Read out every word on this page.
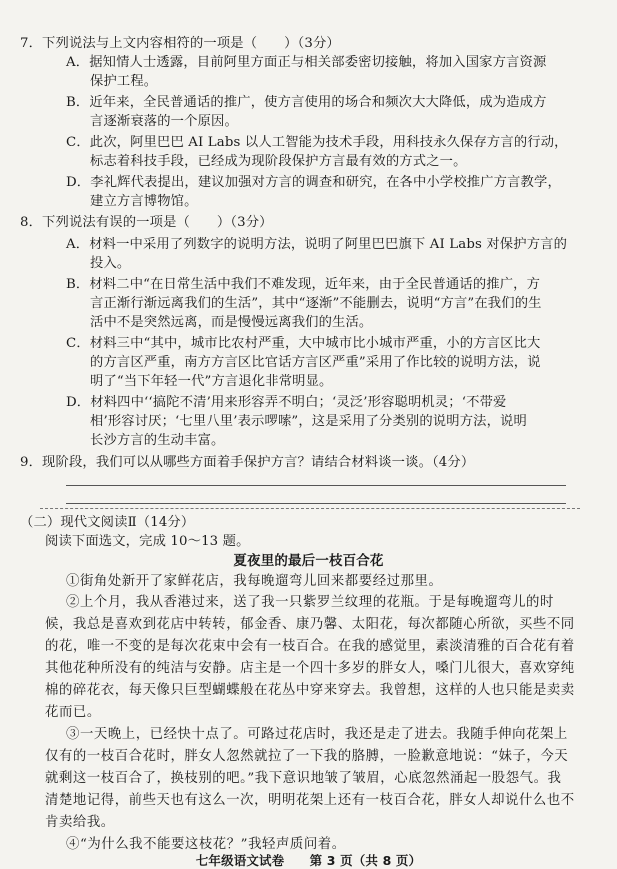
7．下列说法与上文内容相符的一项是（　　）（3分）
A．据知情人士透露，目前阿里方面正与相关部委密切接触，将加入国家方言资源
保护工程。
B．近年来，全民普通话的推广，使方言使用的场合和频次大大降低，成为造成方
言逐渐衰落的一个原因。
C．此次，阿里巴巴 AI Labs 以人工智能为技术手段，用科技永久保存方言的行动，
标志着科技手段，已经成为现阶段保护方言最有效的方式之一。
D．李礼辉代表提出，建议加强对方言的调查和研究，在各中小学校推广方言教学，
建立方言博物馆。
8．下列说法有误的一项是（　　）（3分）
A．材料一中采用了列数字的说明方法，说明了阿里巴巴旗下 AI Labs 对保护方言的
投入。
B．材料二中“在日常生活中我们不难发现，近年来，由于全民普通话的推广，方
言正渐行渐远离我们的生活”，其中“逐渐”不能删去，说明“方言”在我们的生
活中不是突然远离，而是慢慢远离我们的生活。
C．材料三中“其中，城市比农村严重，大中城市比小城市严重，小的方言区比大
的方言区严重，南方方言区比官话方言区严重”采用了作比较的说明方法，说
明了“当下年轻一代”方言退化非常明显。
D．材料四中‘‘搞陀不清’用来形容弄不明白；‘灵泛’形容聪明机灵；‘不带爱
相’形容讨厌；‘七里八里’表示啰嗦”，这是采用了分类别的说明方法，说明
长沙方言的生动丰富。
9．现阶段，我们可以从哪些方面着手保护方言？请结合材料谈一谈。（4分）
（二）现代文阅读Ⅱ（14分）
阅读下面选文，完成 10～13 题。
夏夜里的最后一枝百合花
①街角处新开了家鲜花店，我每晚遛弯儿回来都要经过那里。
②上个月，我从香港过来，送了我一只紫罗兰纹理的花瓶。于是每晚遛弯儿的时
候，我总是喜欢到花店中转转，郁金香、康乃馨、太阳花，每次都随心所欲，买些不同
的花，唯一不变的是每次花束中会有一枝百合。在我的感觉里，素淡清雅的百合花有着
其他花种所没有的纯洁与安静。店主是一个四十多岁的胖女人，嗓门儿很大，喜欢穿纯
棉的碎花衣，每天像只巨型蝴蝶般在花丛中穿来穿去。我曾想，这样的人也只能是卖卖
花而已。
③一天晚上，已经快十点了。可路过花店时，我还是走了进去。我随手伸向花架上
仅有的一枝百合花时，胖女人忽然就拉了一下我的胳膊，一脸歉意地说：“妹子，今天
就剩这一枝百合了，换枝别的吧。”我下意识地皱了皱眉，心底忽然涌起一股怨气。我
清楚地记得，前些天也有这么一次，明明花架上还有一枝百合花，胖女人却说什么也不
肯卖给我。
④“为什么我不能要这枝花？”我轻声质问着。
七年级语文试卷　　第 3 页（共 8 页）
